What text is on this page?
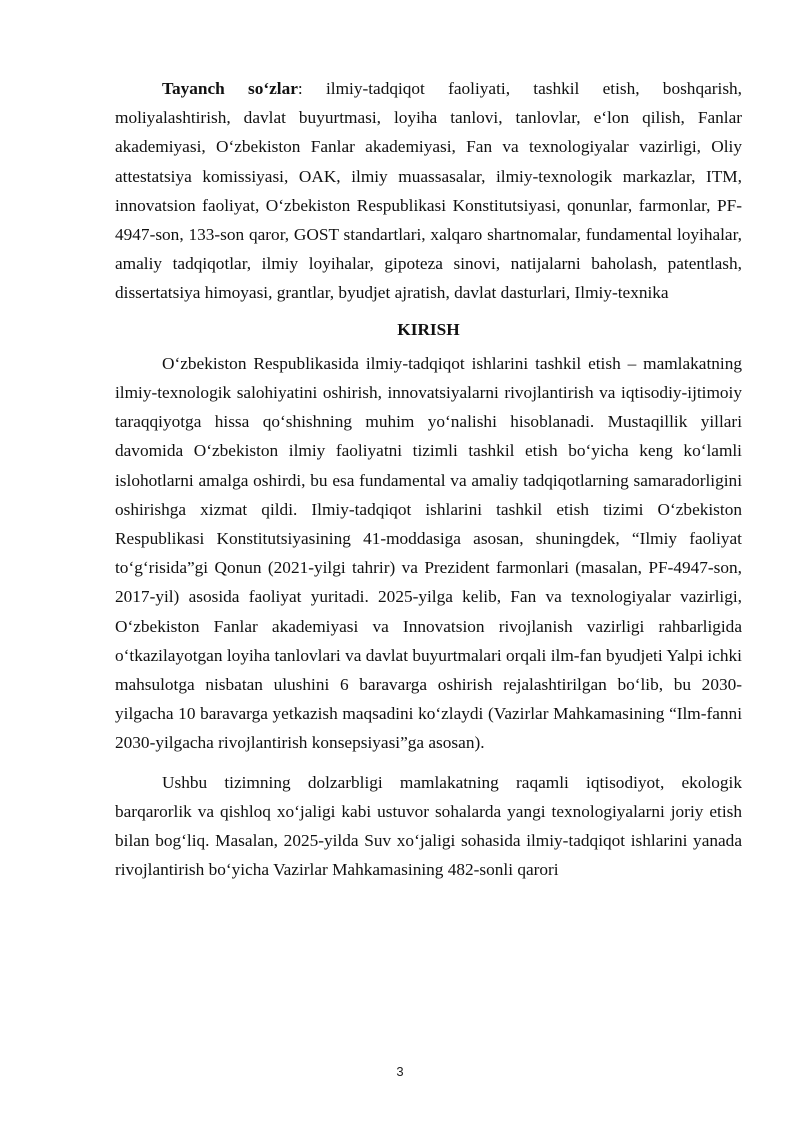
Tayanch so‘zlar: ilmiy-tadqiqot faoliyati, tashkil etish, boshqarish, moliyalashtirish, davlat buyurtmasi, loyiha tanlovi, tanlovlar, e‘lon qilish, Fanlar akademiyasi, O‘zbekiston Fanlar akademiyasi, Fan va texnologiyalar vazirligi, Oliy attestatsiya komissiyasi, OAK, ilmiy muassasalar, ilmiy-texnologik markazlar, ITM, innovatsion faoliyat, O‘zbekiston Respublikasi Konstitutsiyasi, qonunlar, farmonlar, PF-4947-son, 133-son qaror, GOST standartlari, xalqaro shartnomalar, fundamental loyihalar, amaliy tadqiqotlar, ilmiy loyihalar, gipoteza sinovi, natijalarni baholash, patentlash, dissertatsiya himoyasi, grantlar, byudjet ajratish, davlat dasturlari, Ilmiy-texnika

KIRISH

O‘zbekiston Respublikasida ilmiy-tadqiqot ishlarini tashkil etish – mamlakatning ilmiy-texnologik salohiyatini oshirish, innovatsiyalarni rivojlantirish va iqtisodiy-ijtimoiy taraqqiyotga hissa qo‘shishning muhim yo‘nalishi hisoblanadi. Mustaqillik yillari davomida O‘zbekiston ilmiy faoliyatni tizimli tashkil etish bo‘yicha keng ko‘lamli islohotlarni amalga oshirdi, bu esa fundamental va amaliy tadqiqotlarning samaradorligini oshirishga xizmat qildi. Ilmiy-tadqiqot ishlarini tashkil etish tizimi O‘zbekiston Respublikasi Konstitutsiyasining 41-moddasiga asosan, shuningdek, “Ilmiy faoliyat to‘g‘risida”gi Qonun (2021-yilgi tahrir) va Prezident farmonlari (masalan, PF-4947-son, 2017-yil) asosida faoliyat yuritadi. 2025-yilga kelib, Fan va texnologiyalar vazirligi, O‘zbekiston Fanlar akademiyasi va Innovatsion rivojlanish vazirligi rahbarligida o‘tkazilayotgan loyiha tanlovlari va davlat buyurtmalari orqali ilm-fan byudjeti Yalpi ichki mahsulotga nisbatan ulushini 6 baravarga oshirish rejalashtirilgan bo‘lib, bu 2030-yilgacha 10 baravarga yetkazish maqsadini ko‘zlaydi (Vazirlar Mahkamasining “Ilm-fanni 2030-yilgacha rivojlantirish konsepsiyasi”ga asosan).

Ushbu tizimning dolzarbligi mamlakatning raqamli iqtisodiyot, ekologik barqarorlik va qishloq xo‘jaligi kabi ustuvor sohalarda yangi texnologiyalarni joriy etish bilan bog‘liq. Masalan, 2025-yilda Suv xo‘jaligi sohasida ilmiy-tadqiqot ishlarini yanada rivojlantirish bo‘yicha Vazirlar Mahkamasining 482-sonli qarori

3
